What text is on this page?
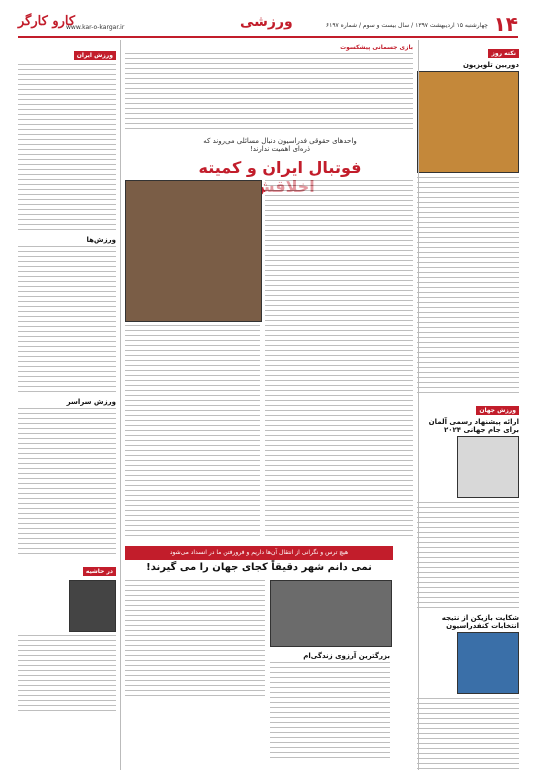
۱۴
چهارشنبه ۱۵ اردیبهشت ۱۳۹۷ / سال بیست و سوم / شماره ۶۱۹۷
ورزشی
www.kar-o-kargar.ir
کارو کارگر
نکته روز
دوربین تلویزیون
ورزش جهان
ارائه پیشنهاد رسمی آلمان برای جام جهانی ۲۰۲۴
شکایت بازیکن از نتیجه انتخابات کنفدراسیون
بازی جسمانی پیشکسوت
واحدهای حقوقی فدراسیون دنبال مسائلی می‌روند که ذره‌ای اهمیت ندارند!
فوتبال ایران و کمیته
هیچ ترس و نگرانی از انتقال آن‌ها داریم و فرورفتن ما در انسداد می‌شود
نمی دانم شهر دقیقاً کجای جهان را می گیرند!
بزرگترین آرزوی زندگی‌ام
ورزش ایران
ورزش‌ها
ورزش سراسر
در حاشیه
